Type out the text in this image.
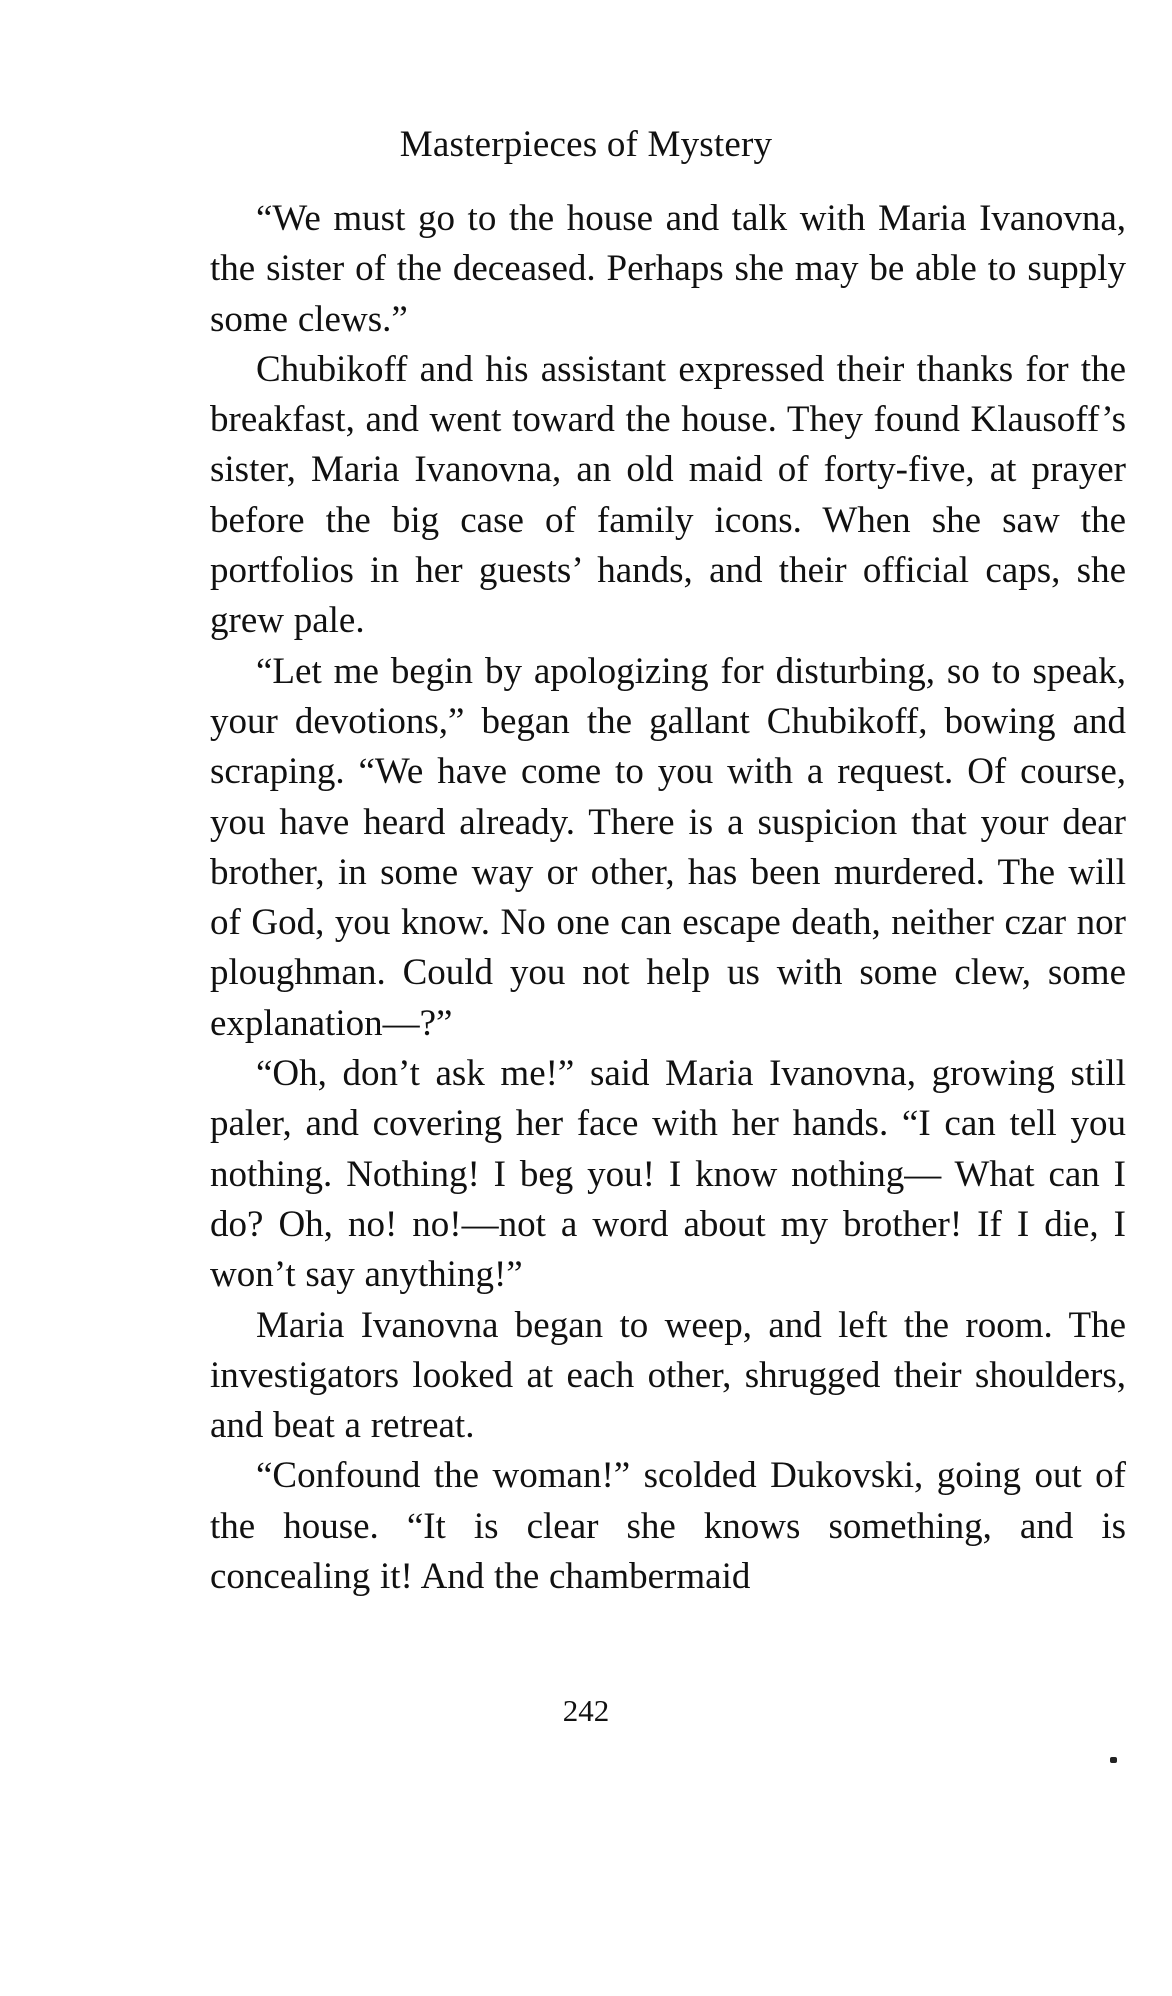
Masterpieces of Mystery

“We must go to the house and talk with Maria Ivanovna, the sister of the deceased. Perhaps she may be able to supply some clews.”

Chubikoff and his assistant expressed their thanks for the breakfast, and went toward the house. They found Klausoff’s sister, Maria Ivanovna, an old maid of forty-five, at prayer before the big case of family icons. When she saw the portfolios in her guests’ hands, and their official caps, she grew pale.

“Let me begin by apologizing for disturbing, so to speak, your devotions,” began the gallant Chubikoff, bowing and scraping. “We have come to you with a request. Of course, you have heard already. There is a suspicion that your dear brother, in some way or other, has been murdered. The will of God, you know. No one can escape death, neither czar nor ploughman. Could you not help us with some clew, some explanation—?”

“Oh, don’t ask me!” said Maria Ivanovna, growing still paler, and covering her face with her hands. “I can tell you nothing. Nothing! I beg you! I know nothing— What can I do? Oh, no! no!—not a word about my brother! If I die, I won’t say anything!”

Maria Ivanovna began to weep, and left the room. The investigators looked at each other, shrugged their shoulders, and beat a retreat.

“Confound the woman!” scolded Dukovski, going out of the house. “It is clear she knows something, and is concealing it! And the chambermaid

242
